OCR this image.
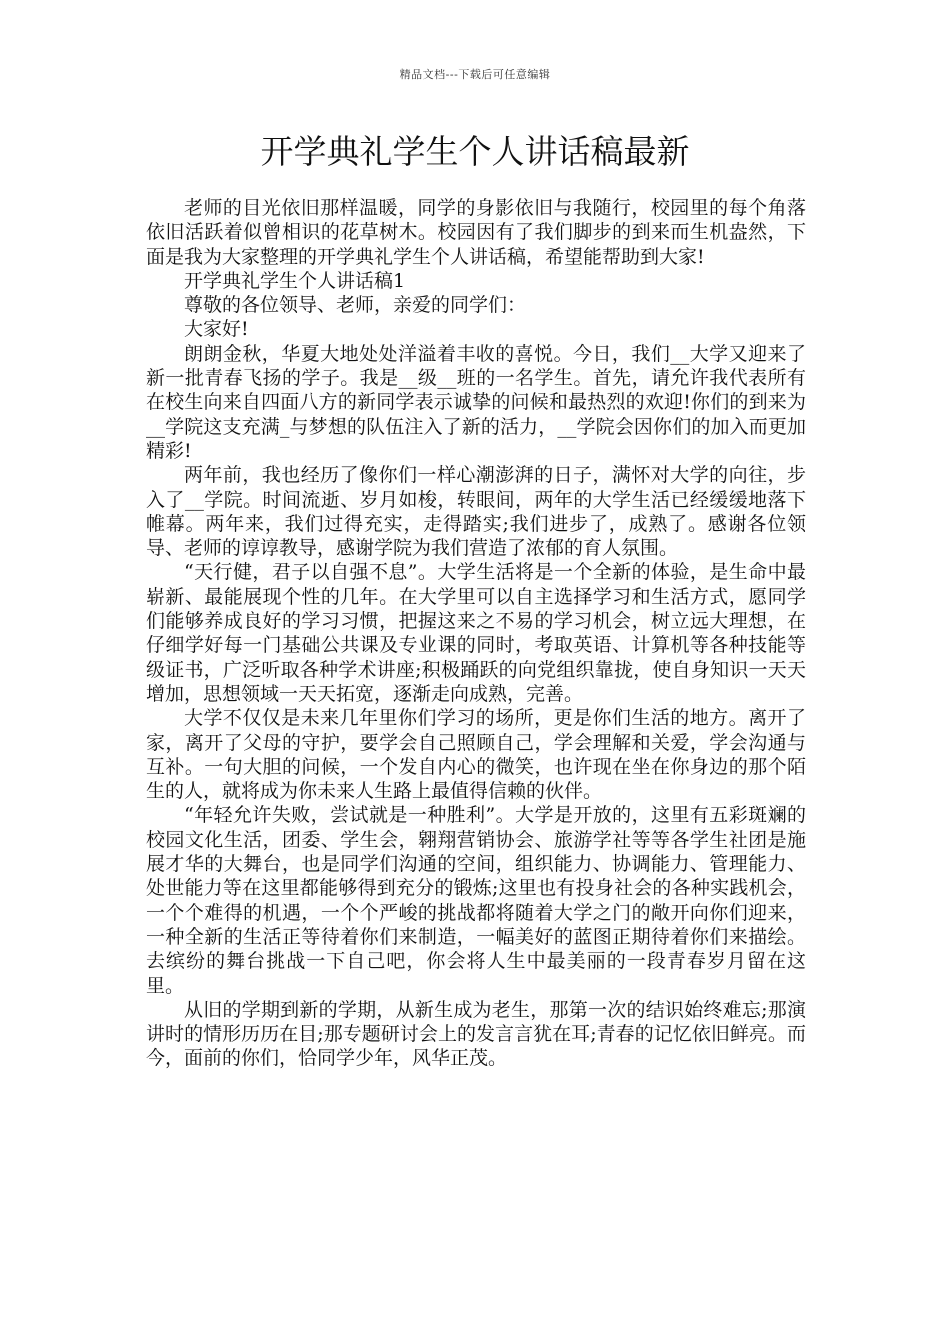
精品文档---下载后可任意编辑
开学典礼学生个人讲话稿最新

老师的目光依旧那样温暖，同学的身影依旧与我随行，校园里的每个角落依旧活跃着似曾相识的花草树木。校园因有了我们脚步的到来而生机盎然，下面是我为大家整理的开学典礼学生个人讲话稿，希望能帮助到大家!

开学典礼学生个人讲话稿1

尊敬的各位领导、老师，亲爱的同学们：

大家好!

朗朗金秋，华夏大地处处洋溢着丰收的喜悦。今日，我们__大学又迎来了新一批青春飞扬的学子。我是__级__班的一名学生。首先，请允许我代表所有在校生向来自四面八方的新同学表示诚挚的问候和最热烈的欢迎!你们的到来为__学院这支充满_与梦想的队伍注入了新的活力，__学院会因你们的加入而更加精彩!

两年前，我也经历了像你们一样心潮澎湃的日子，满怀对大学的向往，步入了__学院。时间流逝、岁月如梭，转眼间，两年的大学生活已经缓缓地落下帷幕。两年来，我们过得充实，走得踏实;我们进步了，成熟了。感谢各位领导、老师的谆谆教导，感谢学院为我们营造了浓郁的育人氛围。

“天行健，君子以自强不息”。大学生活将是一个全新的体验，是生命中最崭新、最能展现个性的几年。在大学里可以自主选择学习和生活方式，愿同学们能够养成良好的学习习惯，把握这来之不易的学习机会，树立远大理想，在仔细学好每一门基础公共课及专业课的同时，考取英语、计算机等各种技能等级证书，广泛听取各种学术讲座;积极踊跃的向党组织靠拢，使自身知识一天天增加，思想领域一天天拓宽，逐渐走向成熟，完善。

大学不仅仅是未来几年里你们学习的场所，更是你们生活的地方。离开了家，离开了父母的守护，要学会自己照顾自己，学会理解和关爱，学会沟通与互补。一句大胆的问候，一个发自内心的微笑，也许现在坐在你身边的那个陌生的人，就将成为你未来人生路上最值得信赖的伙伴。

“年轻允许失败，尝试就是一种胜利”。大学是开放的，这里有五彩斑斓的校园文化生活，团委、学生会，翱翔营销协会、旅游学社等等各学生社团是施展才华的大舞台，也是同学们沟通的空间，组织能力、协调能力、管理能力、处世能力等在这里都能够得到充分的锻炼;这里也有投身社会的各种实践机会，一个个难得的机遇，一个个严峻的挑战都将随着大学之门的敞开向你们迎来，一种全新的生活正等待着你们来制造，一幅美好的蓝图正期待着你们来描绘。去缤纷的舞台挑战一下自己吧，你会将人生中最美丽的一段青春岁月留在这里。

从旧的学期到新的学期，从新生成为老生，那第一次的结识始终难忘;那演讲时的情形历历在目;那专题研讨会上的发言言犹在耳;青春的记忆依旧鲜亮。而今，面前的你们，恰同学少年，风华正茂。
